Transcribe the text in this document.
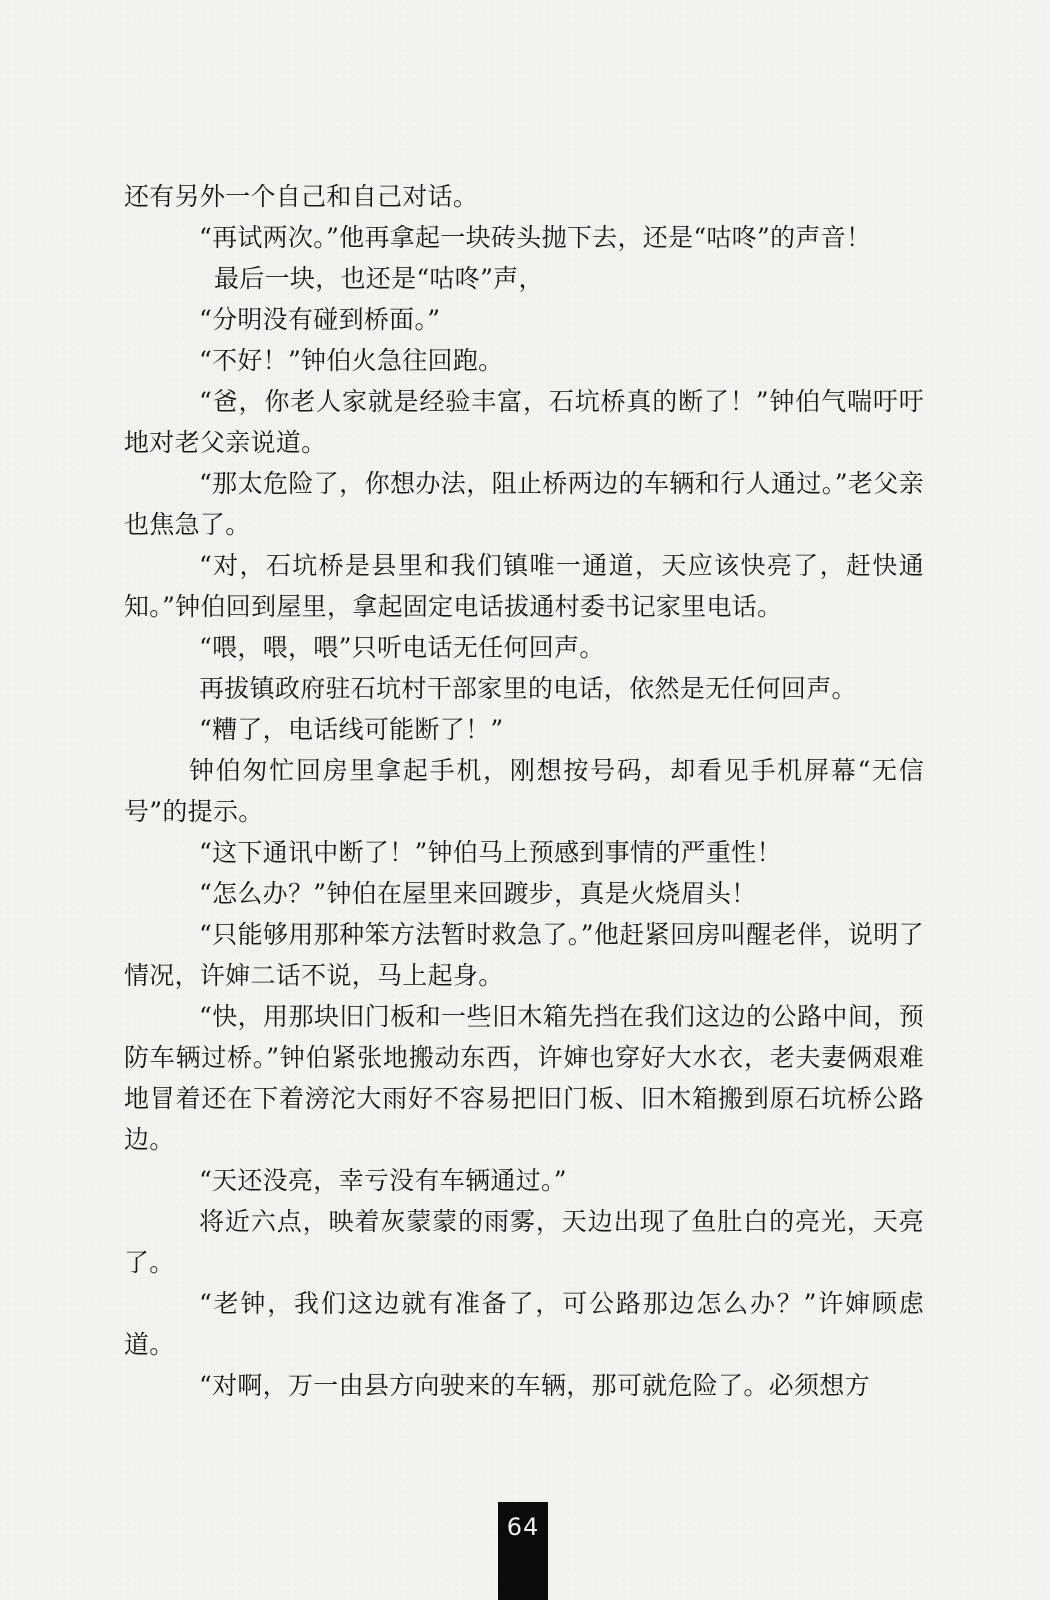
还有另外一个自己和自己对话。

“再试两次。”他再拿起一块砖头抛下去，还是“咕咚”的声音！

最后一块，也还是“咕咚”声，

“分明没有碰到桥面。”

“不好！”钟伯火急往回跑。

“爸，你老人家就是经验丰富，石坑桥真的断了！”钟伯气喘吁吁地对老父亲说道。

“那太危险了，你想办法，阻止桥两边的车辆和行人通过。”老父亲也焦急了。

“对，石坑桥是县里和我们镇唯一通道，天应该快亮了，赶快通知。”钟伯回到屋里，拿起固定电话拔通村委书记家里电话。

“喂，喂，喂”只听电话无任何回声。

再拔镇政府驻石坑村干部家里的电话，依然是无任何回声。

“糟了，电话线可能断了！”

钟伯匆忙回房里拿起手机，刚想按号码，却看见手机屏幕“无信号”的提示。

“这下通讯中断了！”钟伯马上预感到事情的严重性！

“怎么办？”钟伯在屋里来回踱步，真是火烧眉头！

“只能够用那种笨方法暂时救急了。”他赶紧回房叫醒老伴，说明了情况，许婶二话不说，马上起身。

“快，用那块旧门板和一些旧木箱先挡在我们这边的公路中间，预防车辆过桥。”钟伯紧张地搬动东西，许婶也穿好大水衣，老夫妻俩艰难地冒着还在下着滂沱大雨好不容易把旧门板、旧木箱搬到原石坑桥公路边。

“天还没亮，幸亏没有车辆通过。”

将近六点，映着灰蒙蒙的雨雾，天边出现了鱼肚白的亮光，天亮了。

“老钟，我们这边就有准备了，可公路那边怎么办？”许婶顾虑道。

“对啊，万一由县方向驶来的车辆，那可就危险了。必须想方

64
